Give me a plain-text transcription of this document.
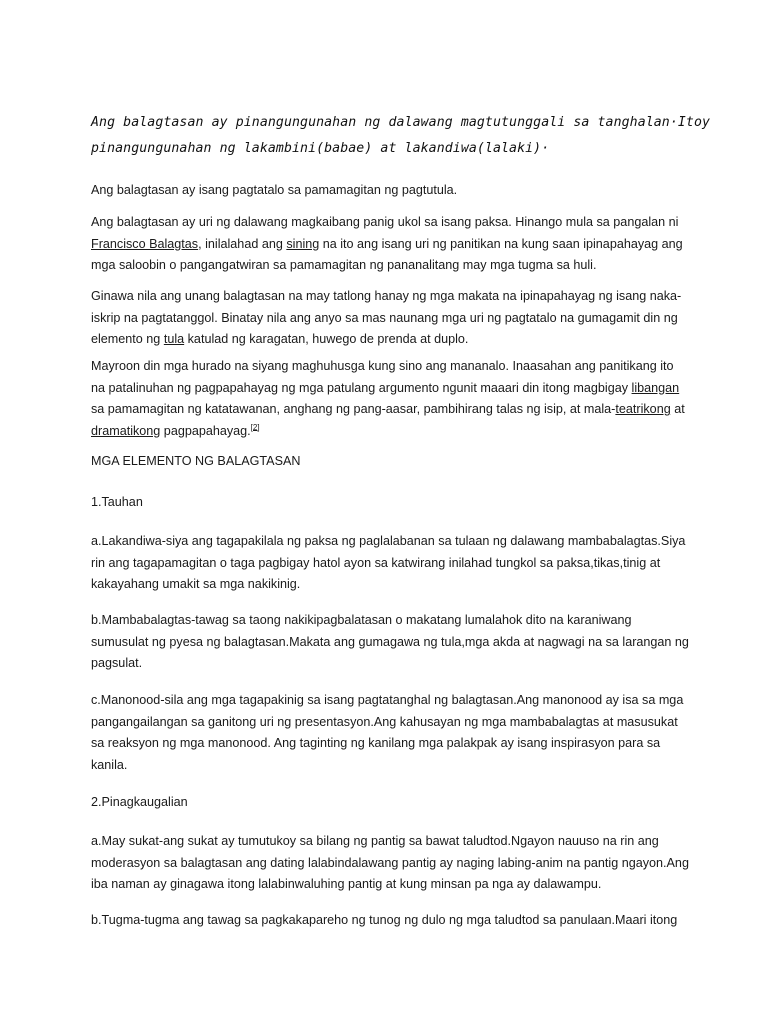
Ang balagtasan ay pinangungunahan ng dalawang magtutunggali sa tanghalan·Itoy
pinangungunahan ng lakambini(babae) at lakandiwa(lalaki)·

Ang balagtasan ay isang pagtatalo sa pamamagitan ng pagtutula.

Ang balagtasan ay uri ng dalawang magkaibang panig ukol sa isang paksa. Hinango mula sa pangalan ni Francisco Balagtas, inilalahad ang sining na ito ang isang uri ng panitikan na kung saan ipinapahayag ang mga saloobin o pangangatwiran sa pamamagitan ng pananalitang may mga tugma sa huli.

Ginawa nila ang unang balagtasan na may tatlong hanay ng mga makata na ipinapahayag ng isang naka-iskrip na pagtatanggol. Binatay nila ang anyo sa mas naunang mga uri ng pagtatalo na gumagamit din ng elemento ng tula katulad ng karagatan, huwego de prenda at duplo.

Mayroon din mga hurado na siyang maghuhusga kung sino ang mananalo. Inaasahan ang panitikang ito na patalinuhan ng pagpapahayag ng mga patulang argumento ngunit maaari din itong magbigay libangan sa pamamagitan ng katatawanan, anghang ng pang-aasar, pambihirang talas ng isip, at mala-teatrikong at dramatikong pagpapahayag.[2]

MGA ELEMENTO NG BALAGTASAN

1.Tauhan

a.Lakandiwa-siya ang tagapakilala ng paksa ng paglalabanan sa tulaan ng dalawang mambabalagtas.Siya rin ang tagapamagitan o taga pagbigay hatol ayon sa katwirang inilahad tungkol sa paksa,tikas,tinig at kakayahang umakit sa mga nakikinig.

b.Mambabalagtas-tawag sa taong nakikipagbalatasan o makatang lumalahok dito na karaniwang sumusulat ng pyesa ng balagtasan.Makata ang gumagawa ng tula,mga akda at nagwagi na sa larangan ng pagsulat.

c.Manonood-sila ang mga tagapakinig sa isang pagtatanghal ng balagtasan.Ang manonood ay isa sa mga pangangailangan sa ganitong uri ng presentasyon.Ang kahusayan ng mga mambabalagtas at masusukat sa reaksyon ng mga manonood. Ang taginting ng kanilang mga palakpak ay isang inspirasyon para sa kanila.

2.Pinagkaugalian

a.May sukat-ang sukat ay tumutukoy sa bilang ng pantig sa bawat taludtod.Ngayon nauuso na rin ang moderasyon sa balagtasan ang dating lalabindalawang pantig ay naging labing-anim na pantig ngayon.Ang iba naman ay ginagawa itong lalabinwaluhing pantig at kung minsan pa nga ay dalawampu.

b.Tugma-tugma ang tawag sa pagkakapareho ng tunog ng dulo ng mga taludtod sa panulaan.Maari itong
